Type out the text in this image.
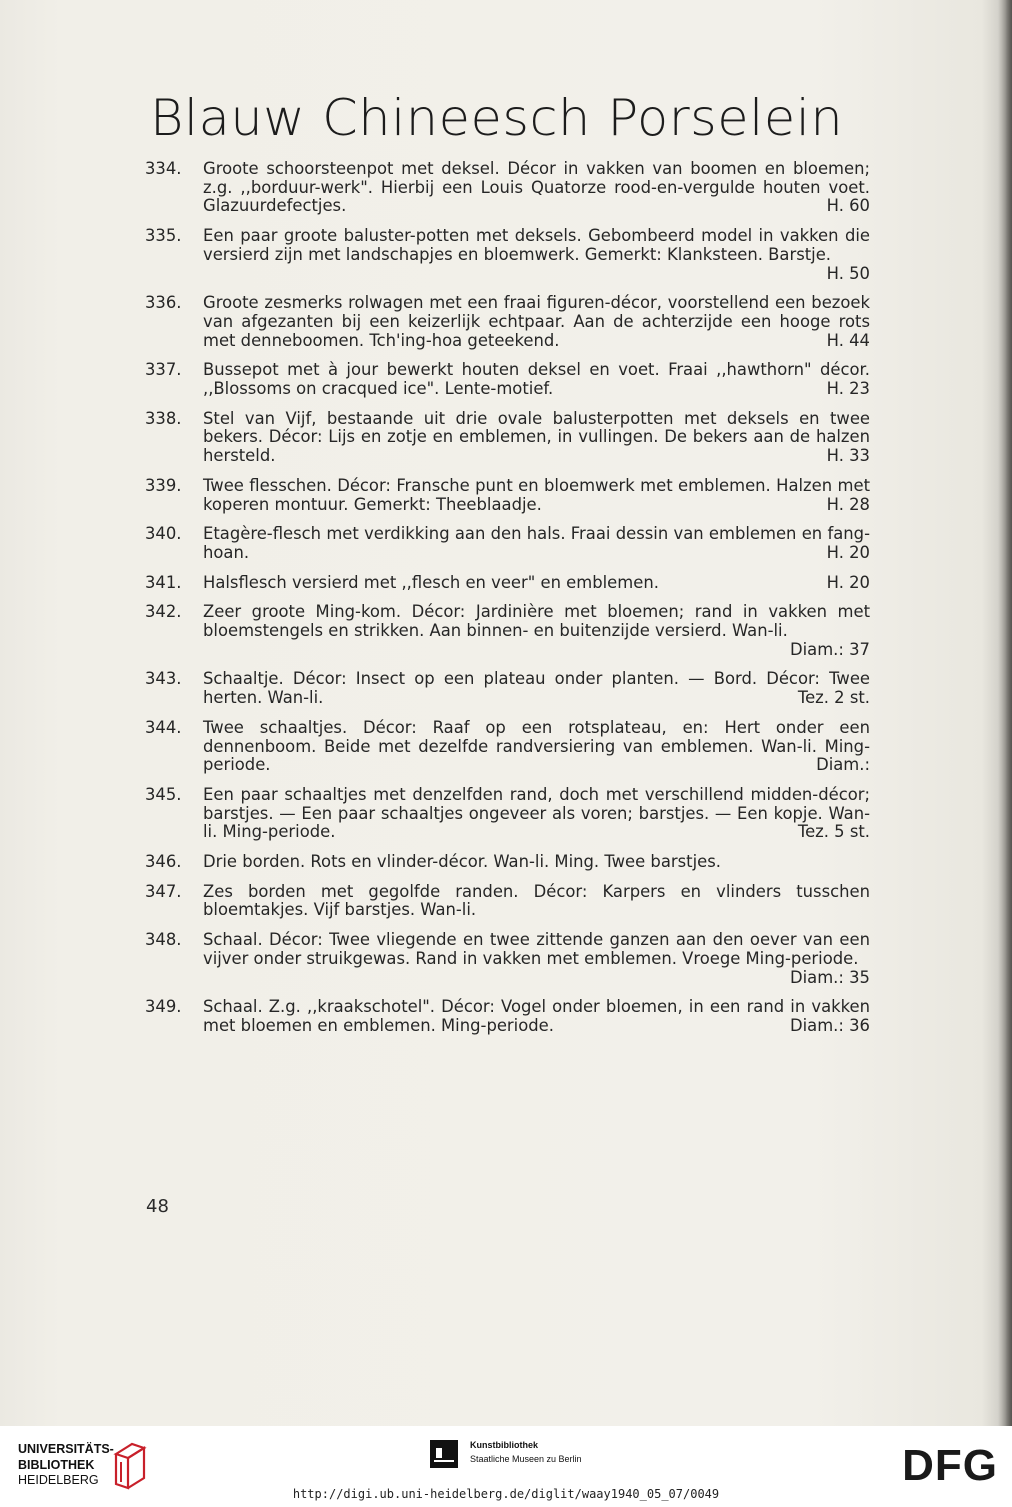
Blauw Chineesch Porselein
334.	Groote schoorsteenpot met deksel. Décor in vakken van boomen en bloemen; z.g. ,,borduur-werk". Hierbij een Louis Quatorze rood-en-vergulde houten voet. Glazuurdefectjes.	H. 60
335.	Een paar groote baluster-potten met deksels. Gebombeerd model in vakken die versierd zijn met landschapjes en bloemwerk. Gemerkt: Klanksteen. Barstje.
H. 50
336.	Groote zesmerks rolwagen met een fraai figuren-décor, voorstellend een bezoek van afgezanten bij een keizerlijk echtpaar. Aan de achterzijde een hooge rots met denneboomen. Tch'ing-hoa geteekend.	H. 44
337.	Bussepot met à jour bewerkt houten deksel en voet. Fraai ,,hawthorn" décor. ,,Blossoms on cracqued ice". Lente-motief.	H. 23
338.	Stel van Vijf, bestaande uit drie ovale balusterpotten met deksels en twee bekers. Décor: Lijs en zotje en emblemen, in vullingen. De bekers aan de halzen hersteld.	H. 33
339.	Twee flesschen. Décor: Fransche punt en bloemwerk met emblemen. Halzen met koperen montuur. Gemerkt: Theeblaadje.	H. 28
340.	Etagère-flesch met verdikking aan den hals. Fraai dessin van emblemen en fang-hoan.	H. 20
341.	Halsflesch versierd met ,,flesch en veer" en emblemen.	H. 20
342.	Zeer groote Ming-kom. Décor: Jardinière met bloemen; rand in vakken met bloemstengels en strikken. Aan binnen- en buitenzijde versierd. Wan-li.
Diam.: 37
343.	Schaaltje. Décor: Insect op een plateau onder planten. — Bord. Décor: Twee herten. Wan-li.	Tez. 2 st.
344.	Twee schaaltjes. Décor: Raaf op een rotsplateau, en: Hert onder een dennenboom. Beide met dezelfde randversiering van emblemen. Wan-li. Ming-periode.	Diam.:
345.	Een paar schaaltjes met denzelfden rand, doch met verschillend midden-décor; barstjes. — Een paar schaaltjes ongeveer als voren; barstjes. — Een kopje. Wan-li. Ming-periode.	Tez. 5 st.
346.	Drie borden. Rots en vlinder-décor. Wan-li. Ming. Twee barstjes.
347.	Zes borden met gegolfde randen. Décor: Karpers en vlinders tusschen bloemtakjes. Vijf barstjes. Wan-li.
348.	Schaal. Décor: Twee vliegende en twee zittende ganzen aan den oever van een vijver onder struikgewas. Rand in vakken met emblemen. Vroege Ming-periode.
Diam.: 35
349.	Schaal. Z.g. ,,kraakschotel". Décor: Vogel onder bloemen, in een rand in vakken met bloemen en emblemen. Ming-periode.	Diam.: 36
48
UNIVERSITÄTS-
BIBLIOTHEK
HEIDELBERG
Kunstbibliothek
Staatliche Museen zu Berlin	DFG
http://digi.ub.uni-heidelberg.de/diglit/waay1940_05_07/0049
